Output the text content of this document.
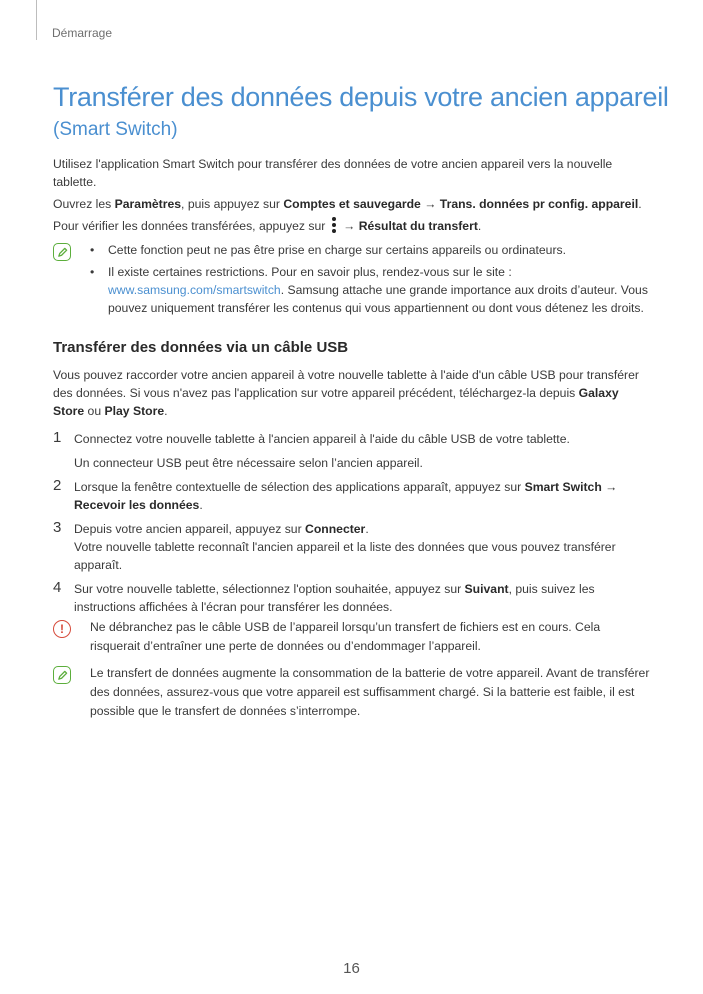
Démarrage
Transférer des données depuis votre ancien appareil
(Smart Switch)

Utilisez l'application Smart Switch pour transférer des données de votre ancien appareil vers la nouvelle tablette.

Ouvrez les Paramètres, puis appuyez sur Comptes et sauvegarde → Trans. données pr config. appareil.

Pour vérifier les données transférées, appuyez sur
→ Résultat du transfert.

• Cette fonction peut ne pas être prise en charge sur certains appareils ou ordinateurs.
• Il existe certaines restrictions. Pour en savoir plus, rendez-vous sur le site :
www.samsung.com/smartswitch. Samsung attache une grande importance aux droits d’auteur. Vous pouvez uniquement transférer les contenus qui vous appartiennent ou dont vous détenez les droits.
Transférer des données via un câble USB

Vous pouvez raccorder votre ancien appareil à votre nouvelle tablette à l'aide d'un câble USB pour transférer des données. Si vous n'avez pas l'application sur votre appareil précédent, téléchargez-la depuis Galaxy Store ou Play Store.

1 Connectez votre nouvelle tablette à l'ancien appareil à l'aide du câble USB de votre tablette.

Un connecteur USB peut être nécessaire selon l’ancien appareil.

2 Lorsque la fenêtre contextuelle de sélection des applications apparaît, appuyez sur Smart Switch → Recevoir les données.

3 Depuis votre ancien appareil, appuyez sur Connecter.

Votre nouvelle tablette reconnaît l'ancien appareil et la liste des données que vous pouvez transférer apparaît.

4 Sur votre nouvelle tablette, sélectionnez l'option souhaitée, appuyez sur Suivant, puis suivez les instructions affichées à l'écran pour transférer les données.

!	Ne débranchez pas le câble USB de l’appareil lorsqu’un transfert de fichiers est en cours. Cela risquerait d’entraîner une perte de données ou d’endommager l’appareil.

Le transfert de données augmente la consommation de la batterie de votre appareil. Avant de transférer des données, assurez-vous que votre appareil est suffisamment chargé. Si la batterie est faible, il est possible que le transfert de données s’interrompe.

16
